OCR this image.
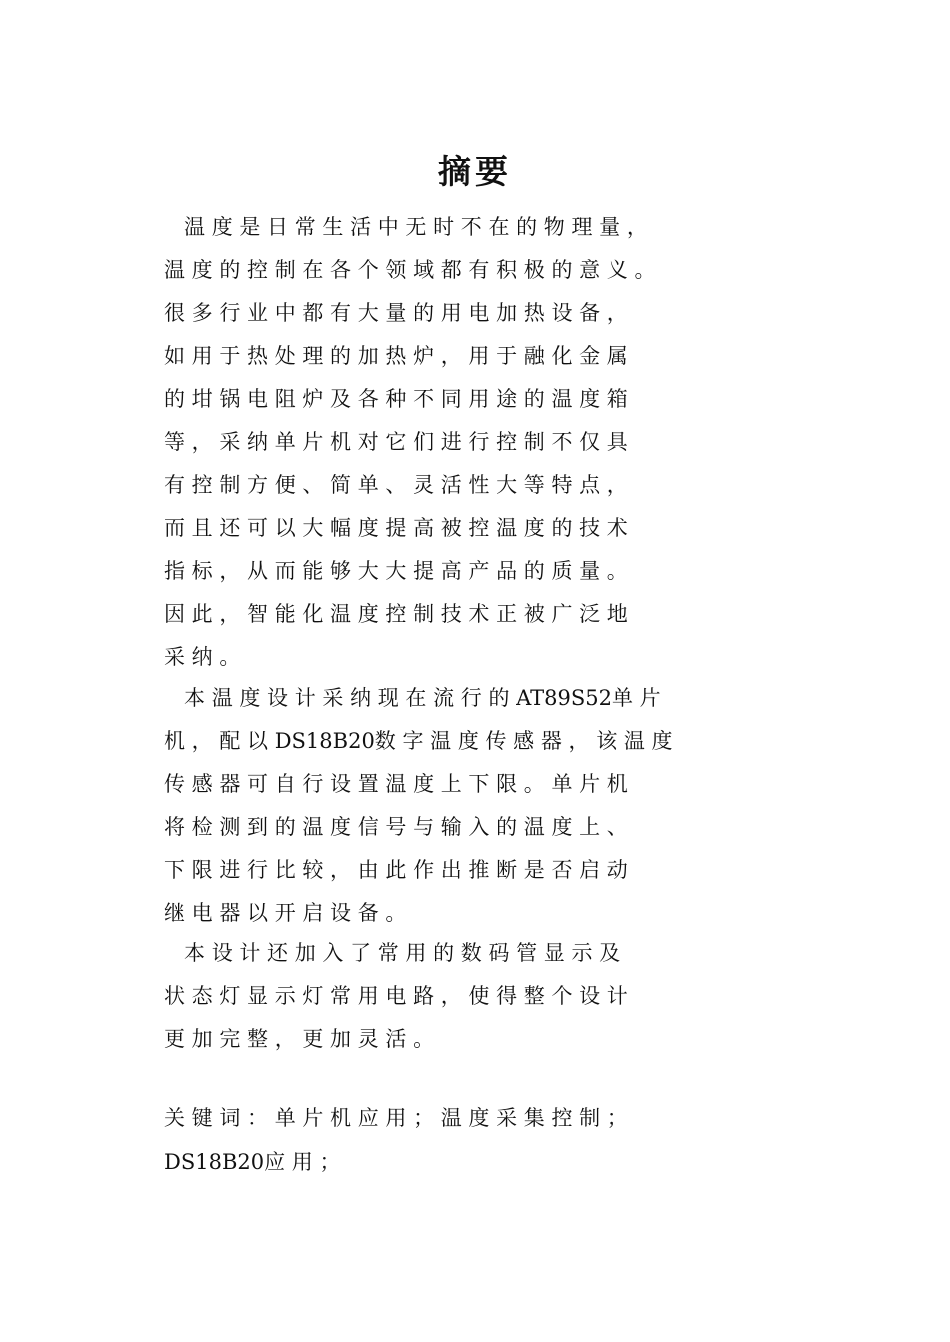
摘要
温 度 是 日 常 生 活 中 无 时 不 在 的 物 理 量 ，
温 度 的 控 制 在 各 个 领 域 都 有 积 极 的 意 义 。
很 多 行 业 中 都 有 大 量 的 用 电 加 热 设 备 ，
如 用 于 热 处 理 的 加 热 炉 ， 用 于 融 化 金 属
的 坩 锅 电 阻 炉 及 各 种 不 同 用 途 的 温 度 箱
等 ， 采 纳 单 片 机 对 它 们 进 行 控 制 不 仅 具
有 控 制 方 便 、 简 单 、 灵 活 性 大 等 特 点 ，
而 且 还 可 以 大 幅 度 提 高 被 控 温 度 的 技 术
指 标 ， 从 而 能 够 大 大 提 高 产 品 的 质 量 。
因 此 ， 智 能 化 温 度 控 制 技 术 正 被 广 泛 地
采 纳 。
本 温 度 设 计 采 纳 现 在 流 行 的 AT89S52单 片
机 ， 配 以 DS18B20数 字 温 度 传 感 器 ， 该 温 度
传 感 器 可 自 行 设 置 温 度 上 下 限 。 单 片 机
将 检 测 到 的 温 度 信 号 与 输 入 的 温 度 上 、
下 限 进 行 比 较 ， 由 此 作 出 推 断 是 否 启 动
继 电 器 以 开 启 设 备 。
本 设 计 还 加 入 了 常 用 的 数 码 管 显 示 及
状 态 灯 显 示 灯 常 用 电 路 ， 使 得 整 个 设 计
更 加 完 整 ， 更 加 灵 活 。
关 键 词 ： 单 片 机 应 用 ； 温 度 采 集 控 制 ；
DS18B20应 用 ；
